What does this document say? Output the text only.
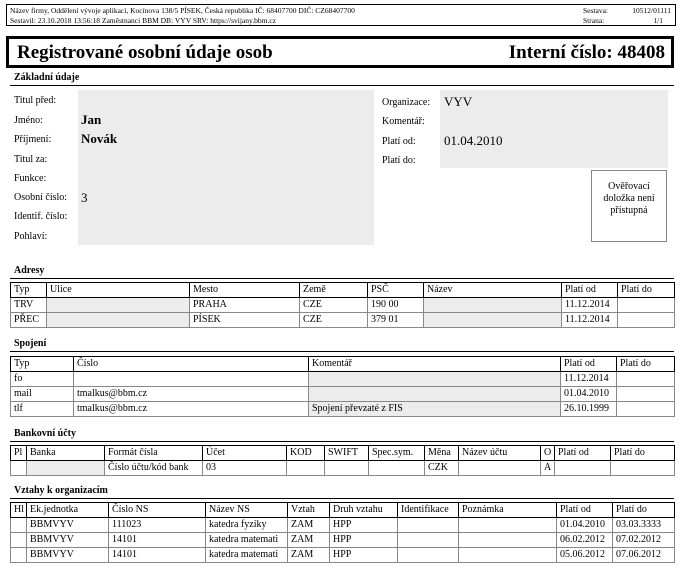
Název firmy, Oddělení vývoje aplikací, Kocínova 138/5 PÍSEK, Česká republika IČ: 68407700 DIČ: CZ68407700
Sestavil: 23.10.2018 13:56:18 Zaměstnanci BBM DB: VYV SRV: https://svijany.bbm.cz
Sestava:	10512/01111
Strana:	1/1
Registrované osobní údaje osob	Interní číslo: 48408
Základní údaje
Titul před:
Jméno:	Jan
Příjmení: Novák
Titul za:
Funkce:
Osobní číslo: 3
Identif. číslo:
Pohlaví:
Organizace: VYV
Komentář:
Platí od: 01.04.2010
Platí do:
Ověřovací doložka není přístupná
Adresy
Typ	Ulice	Mesto	Země	PSČ	Název	Platí od	Platí do
TRV		PRAHA	CZE	190 00		11.12.2014	
PŘEC		PÍSEK	CZE	379 01		11.12.2014	
Spojení
Typ	Číslo	Komentář	Platí od	Platí do
fo			11.12.2014	
mail	tmalkus@bbm.cz		01.04.2010	
tlf	tmalkus@bbm.cz	Spojení převzaté z FIS	26.10.1999	
Bankovní účty
Pl	Banka	Formát čísla	Účet	KOD	SWIFT	Spec.sym.	Měna	Název účtu	O	Platí od	Platí do
		Číslo účtu/kód bank	03				CZK		A		
Vztahy k organizacím
Hl	Ek.jednotka	Číslo NS	Název NS	Vztah	Druh vztahu	Identifikace	Poznámka	Platí od	Platí do
	BBMVYV	111023	katedra fyziky	ZAM	HPP			01.04.2010	03.03.3333
	BBMVYV	14101	katedra matemati	ZAM	HPP			06.02.2012	07.02.2012
	BBMVYV	14101	katedra matemati	ZAM	HPP			05.06.2012	07.06.2012
